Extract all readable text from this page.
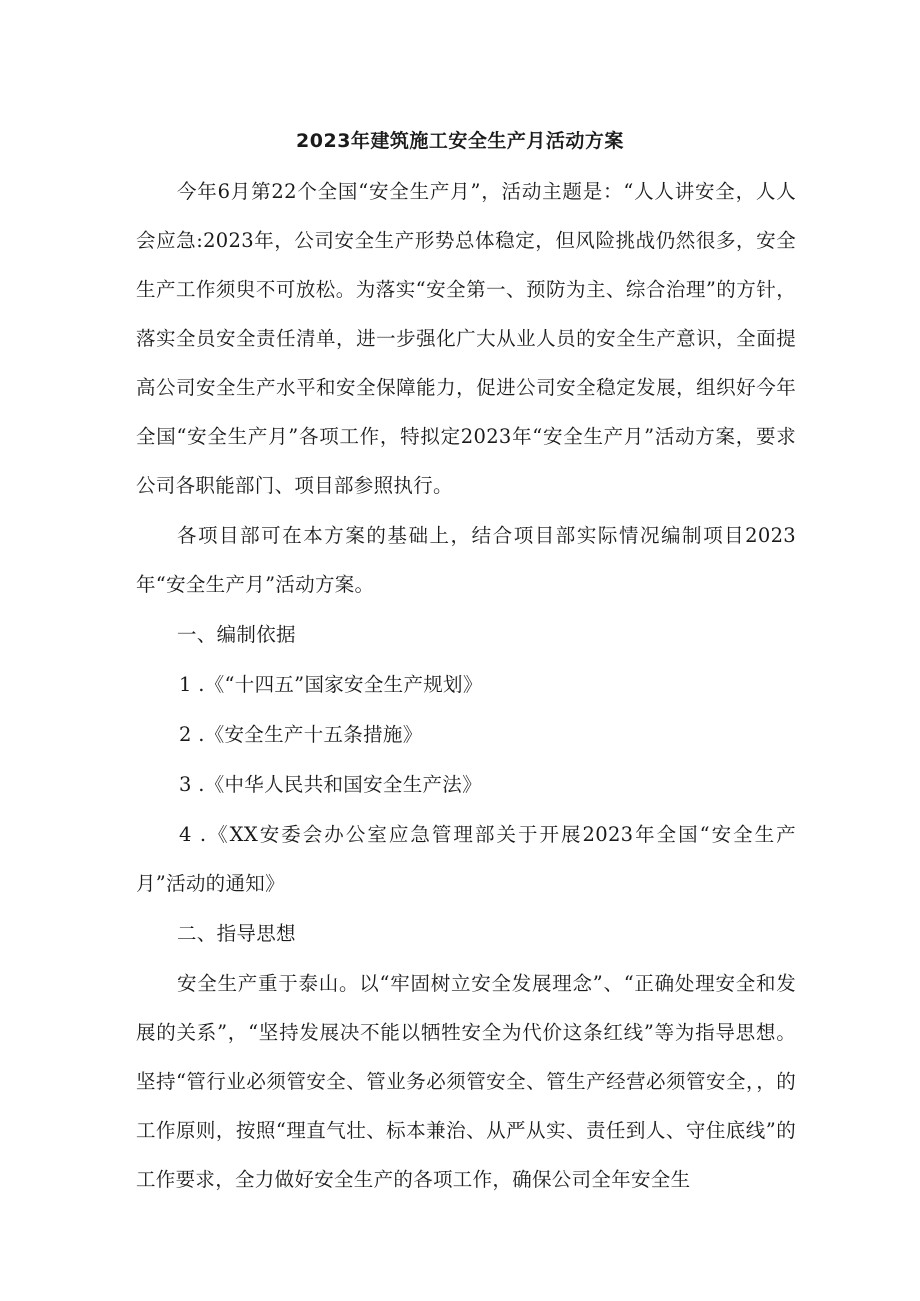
2023年建筑施工安全生产月活动方案

今年6月第22个全国“安全生产月”，活动主题是：“人人讲安全，人人会应急:2023年，公司安全生产形势总体稳定，但风险挑战仍然很多，安全生产工作须臾不可放松。为落实“安全第一、预防为主、综合治理”的方针，落实全员安全责任清单，进一步强化广大从业人员的安全生产意识，全面提高公司安全生产水平和安全保障能力，促进公司安全稳定发展，组织好今年全国“安全生产月”各项工作，特拟定2023年“安全生产月”活动方案，要求公司各职能部门、项目部参照执行。

各项目部可在本方案的基础上，结合项目部实际情况编制项目2023年“安全生产月”活动方案。

一、编制依据

1 .《“十四五”国家安全生产规划》

2 .《安全生产十五条措施》

3 .《中华人民共和国安全生产法》

4 .《XX安委会办公室应急管理部关于开展2023年全国“安全生产月”活动的通知》

二、指导思想

安全生产重于泰山。以“牢固树立安全发展理念”、“正确处理安全和发展的关系”，“坚持发展决不能以牺牲安全为代价这条红线”等为指导思想。坚持“管行业必须管安全、管业务必须管安全、管生产经营必须管安全，，的工作原则，按照“理直气壮、标本兼治、从严从实、责任到人、守住底线”的工作要求，全力做好安全生产的各项工作，确保公司全年安全生
